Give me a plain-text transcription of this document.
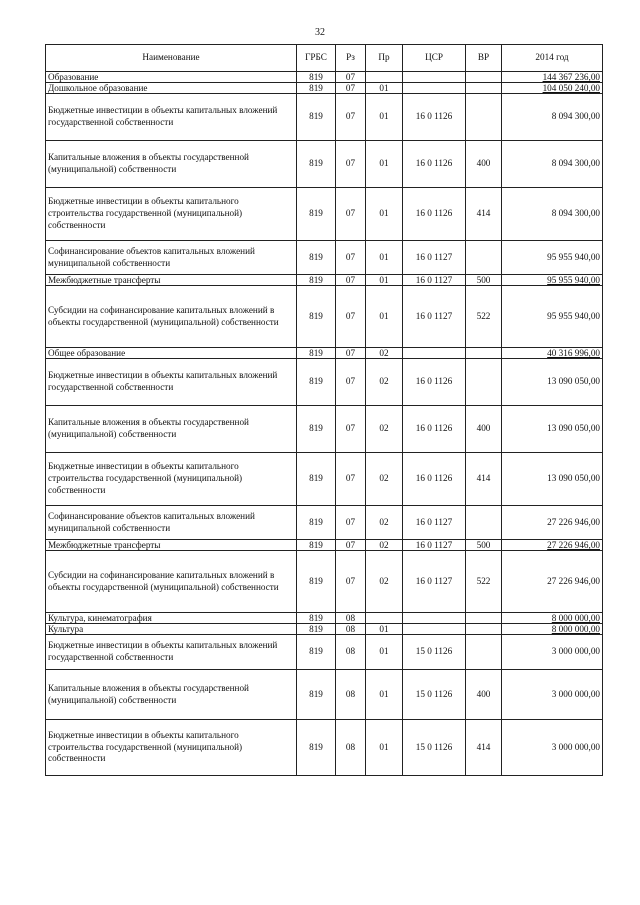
32
Наименование	ГРБС	Рз	Пр	ЦСР	ВР	2014 год
Образование	819	07				144 367 236,00
Дошкольное образование	819	07	01			104 050 240,00
Бюджетные инвестиции в объекты капитальных вложений государственной собственности	819	07	01	16 0 1126		8 094 300,00
Капитальные вложения в объекты государственной (муниципальной) собственности	819	07	01	16 0 1126	400	8 094 300,00
Бюджетные инвестиции в объекты капитального строительства государственной (муниципальной) собственности	819	07	01	16 0 1126	414	8 094 300,00
Софинансирование объектов капитальных вложений муниципальной собственности	819	07	01	16 0 1127		95 955 940,00
Межбюджетные трансферты	819	07	01	16 0 1127	500	95 955 940,00
Субсидии на софинансирование капитальных вложений в объекты государственной (муниципальной) собственности	819	07	01	16 0 1127	522	95 955 940,00
Общее образование	819	07	02			40 316 996,00
Бюджетные инвестиции в объекты капитальных вложений государственной собственности	819	07	02	16 0 1126		13 090 050,00
Капитальные вложения в объекты государственной (муниципальной) собственности	819	07	02	16 0 1126	400	13 090 050,00
Бюджетные инвестиции в объекты капитального строительства государственной (муниципальной) собственности	819	07	02	16 0 1126	414	13 090 050,00
Софинансирование объектов капитальных вложений муниципальной собственности	819	07	02	16 0 1127		27 226 946,00
Межбюджетные трансферты	819	07	02	16 0 1127	500	27 226 946,00
Субсидии на софинансирование капитальных вложений в объекты государственной (муниципальной) собственности	819	07	02	16 0 1127	522	27 226 946,00
Культура, кинематография	819	08				8 000 000,00
Культура	819	08	01			8 000 000,00
Бюджетные инвестиции в объекты капитальных вложений государственной собственности	819	08	01	15 0 1126		3 000 000,00
Капитальные вложения в объекты государственной (муниципальной) собственности	819	08	01	15 0 1126	400	3 000 000,00
Бюджетные инвестиции в объекты капитального строительства государственной (муниципальной) собственности	819	08	01	15 0 1126	414	3 000 000,00
